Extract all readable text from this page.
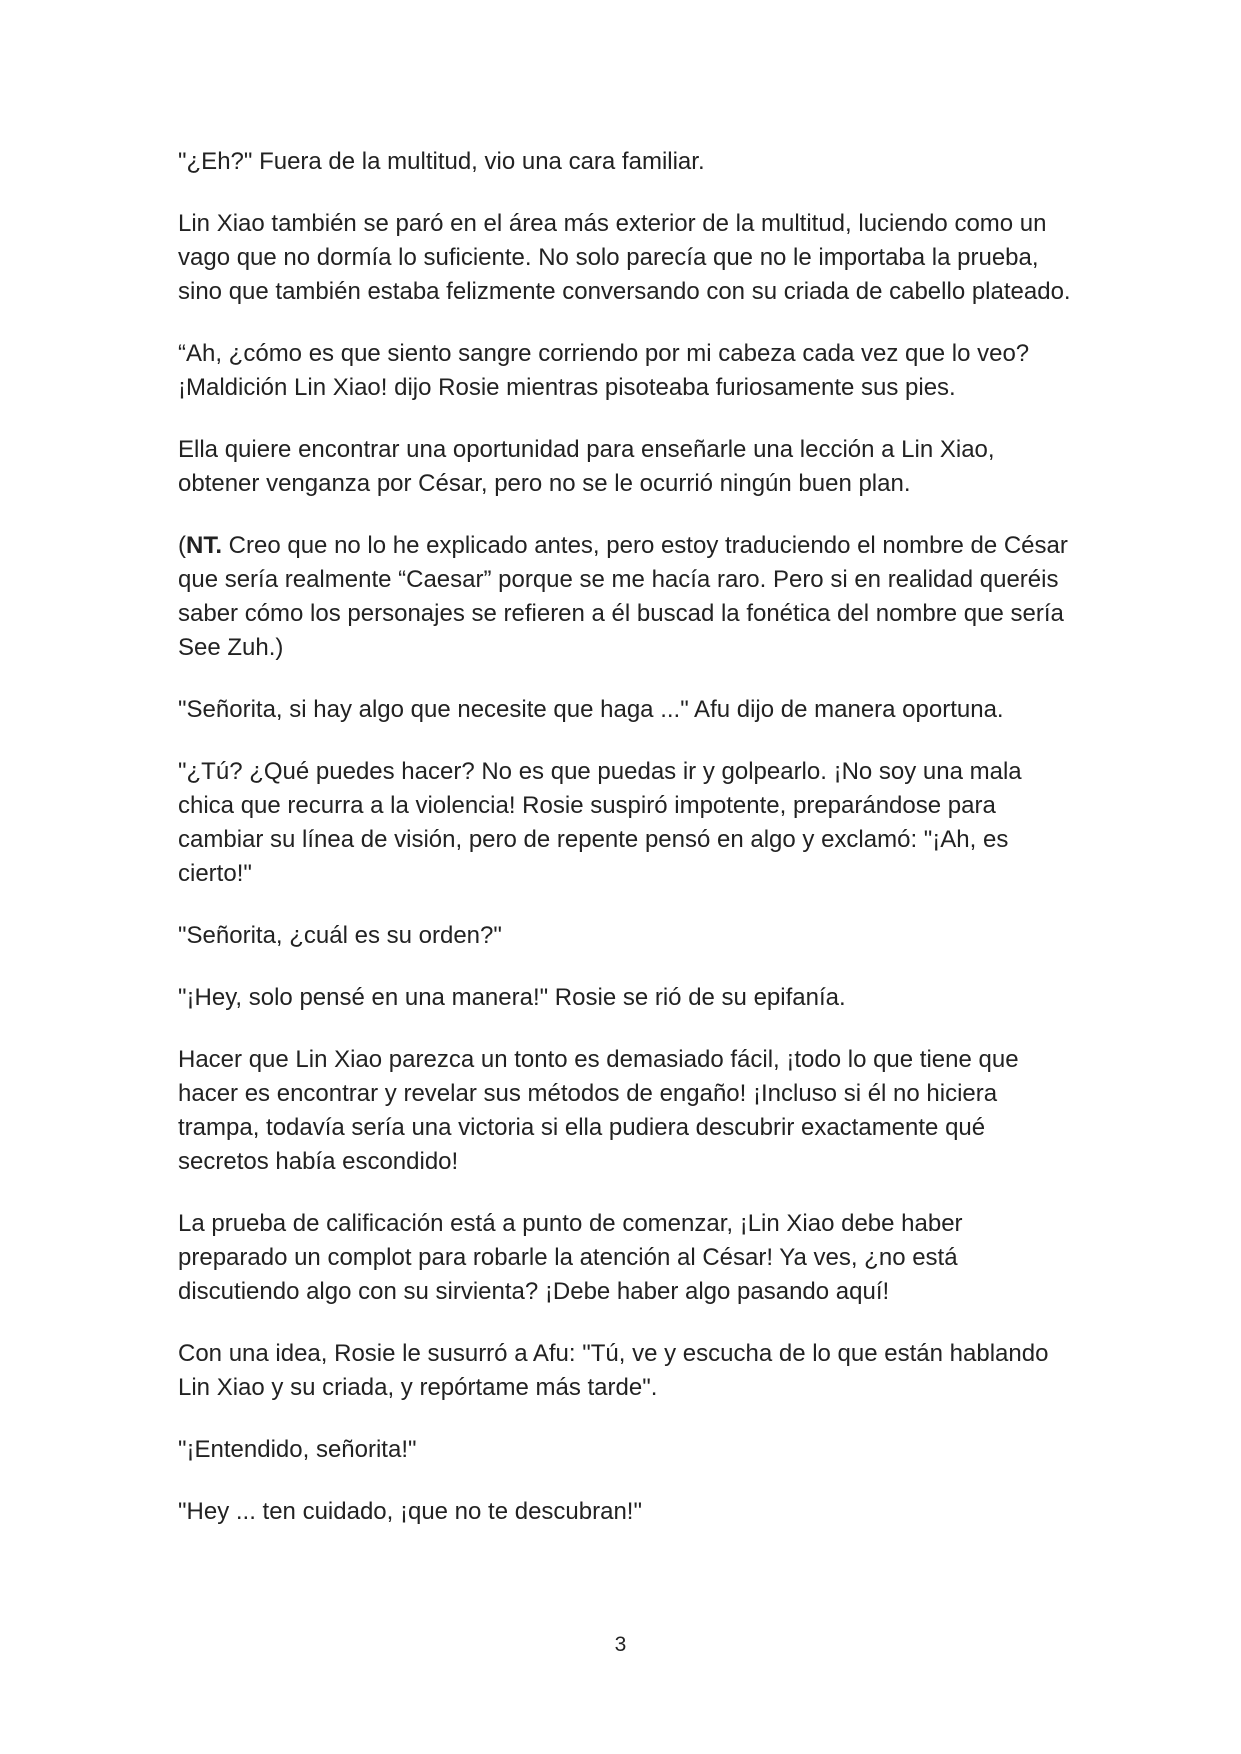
"¿Eh?" Fuera de la multitud, vio una cara familiar.

Lin Xiao también se paró en el área más exterior de la multitud, luciendo como un vago que no dormía lo suficiente. No solo parecía que no le importaba la prueba, sino que también estaba felizmente conversando con su criada de cabello plateado.

“Ah, ¿cómo es que siento sangre corriendo por mi cabeza cada vez que lo veo? ¡Maldición Lin Xiao! dijo Rosie mientras pisoteaba furiosamente sus pies.

Ella quiere encontrar una oportunidad para enseñarle una lección a Lin Xiao, obtener venganza por César, pero no se le ocurrió ningún buen plan.

(NT. Creo que no lo he explicado antes, pero estoy traduciendo el nombre de César que sería realmente “Caesar” porque se me hacía raro. Pero si en realidad queréis saber cómo los personajes se refieren a él buscad la fonética del nombre que sería See Zuh.)

"Señorita, si hay algo que necesite que haga ..." Afu dijo de manera oportuna.

"¿Tú? ¿Qué puedes hacer? No es que puedas ir y golpearlo. ¡No soy una mala chica que recurra a la violencia! Rosie suspiró impotente, preparándose para cambiar su línea de visión, pero de repente pensó en algo y exclamó: "¡Ah, es cierto!"

"Señorita, ¿cuál es su orden?"

"¡Hey, solo pensé en una manera!" Rosie se rió de su epifanía.

Hacer que Lin Xiao parezca un tonto es demasiado fácil, ¡todo lo que tiene que hacer es encontrar y revelar sus métodos de engaño! ¡Incluso si él no hiciera trampa, todavía sería una victoria si ella pudiera descubrir exactamente qué secretos había escondido!

La prueba de calificación está a punto de comenzar, ¡Lin Xiao debe haber preparado un complot para robarle la atención al César! Ya ves, ¿no está discutiendo algo con su sirvienta? ¡Debe haber algo pasando aquí!

Con una idea, Rosie le susurró a Afu: "Tú, ve y escucha de lo que están hablando Lin Xiao y su criada, y repórtame más tarde".

"¡Entendido, señorita!"

"Hey ... ten cuidado, ¡que no te descubran!"

3
